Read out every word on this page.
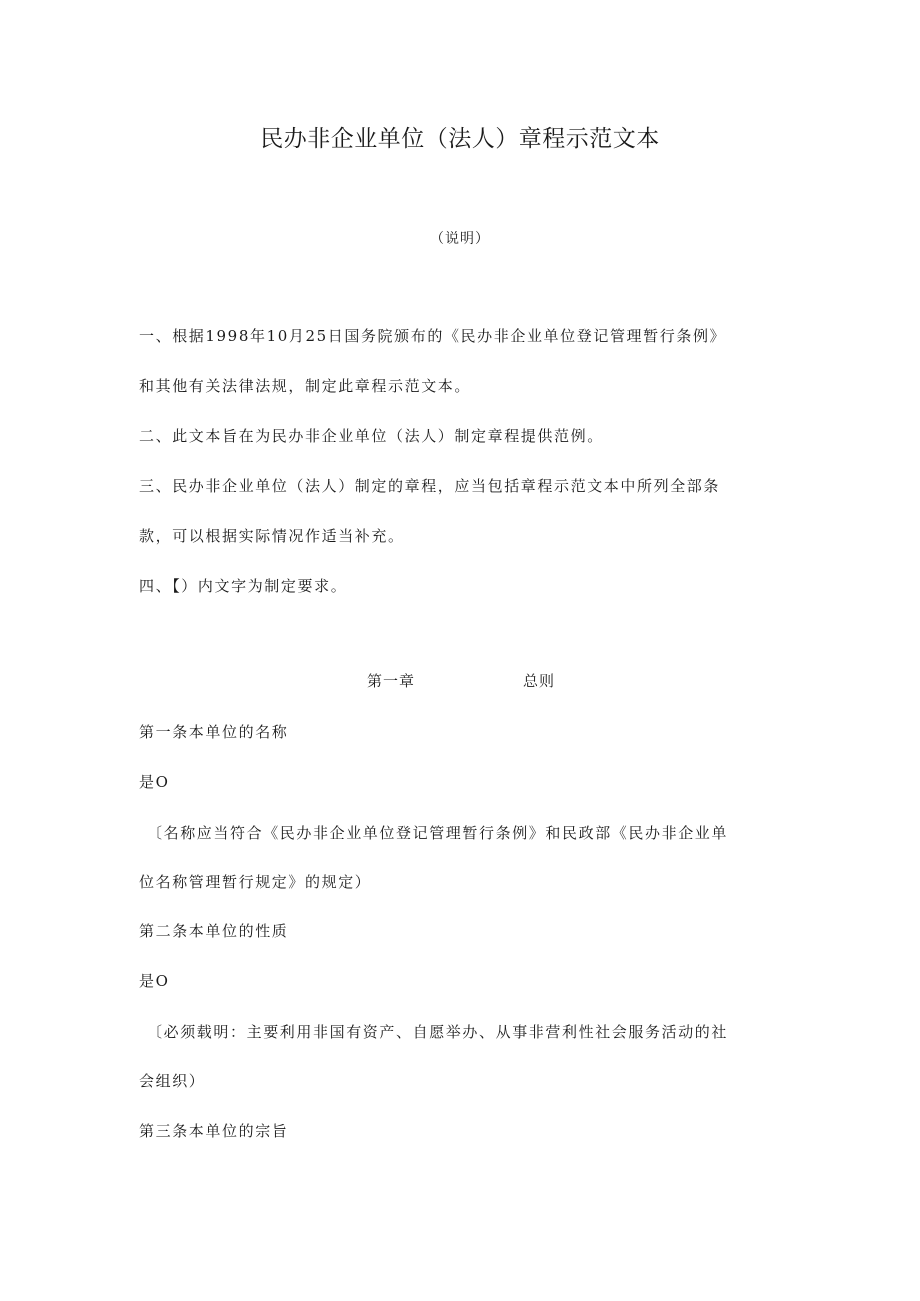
民办非企业单位（法人）章程示范文本
（说明）
一、根据1998年10月25日国务院颁布的《民办非企业单位登记管理暂行条例》
和其他有关法律法规，制定此章程示范文本。
二、此文本旨在为民办非企业单位（法人）制定章程提供范例。
三、民办非企业单位（法人）制定的章程，应当包括章程示范文本中所列全部条
款，可以根据实际情况作适当补充。
四、【）内文字为制定要求。
第一章	总则
第一条本单位的名称
是O
〔名称应当符合《民办非企业单位登记管理暂行条例》和民政部《民办非企业单
位名称管理暂行规定》的规定）
第二条本单位的性质
是O
〔必须载明：主要利用非国有资产、自愿举办、从事非营利性社会服务活动的社
会组织）
第三条本单位的宗旨
